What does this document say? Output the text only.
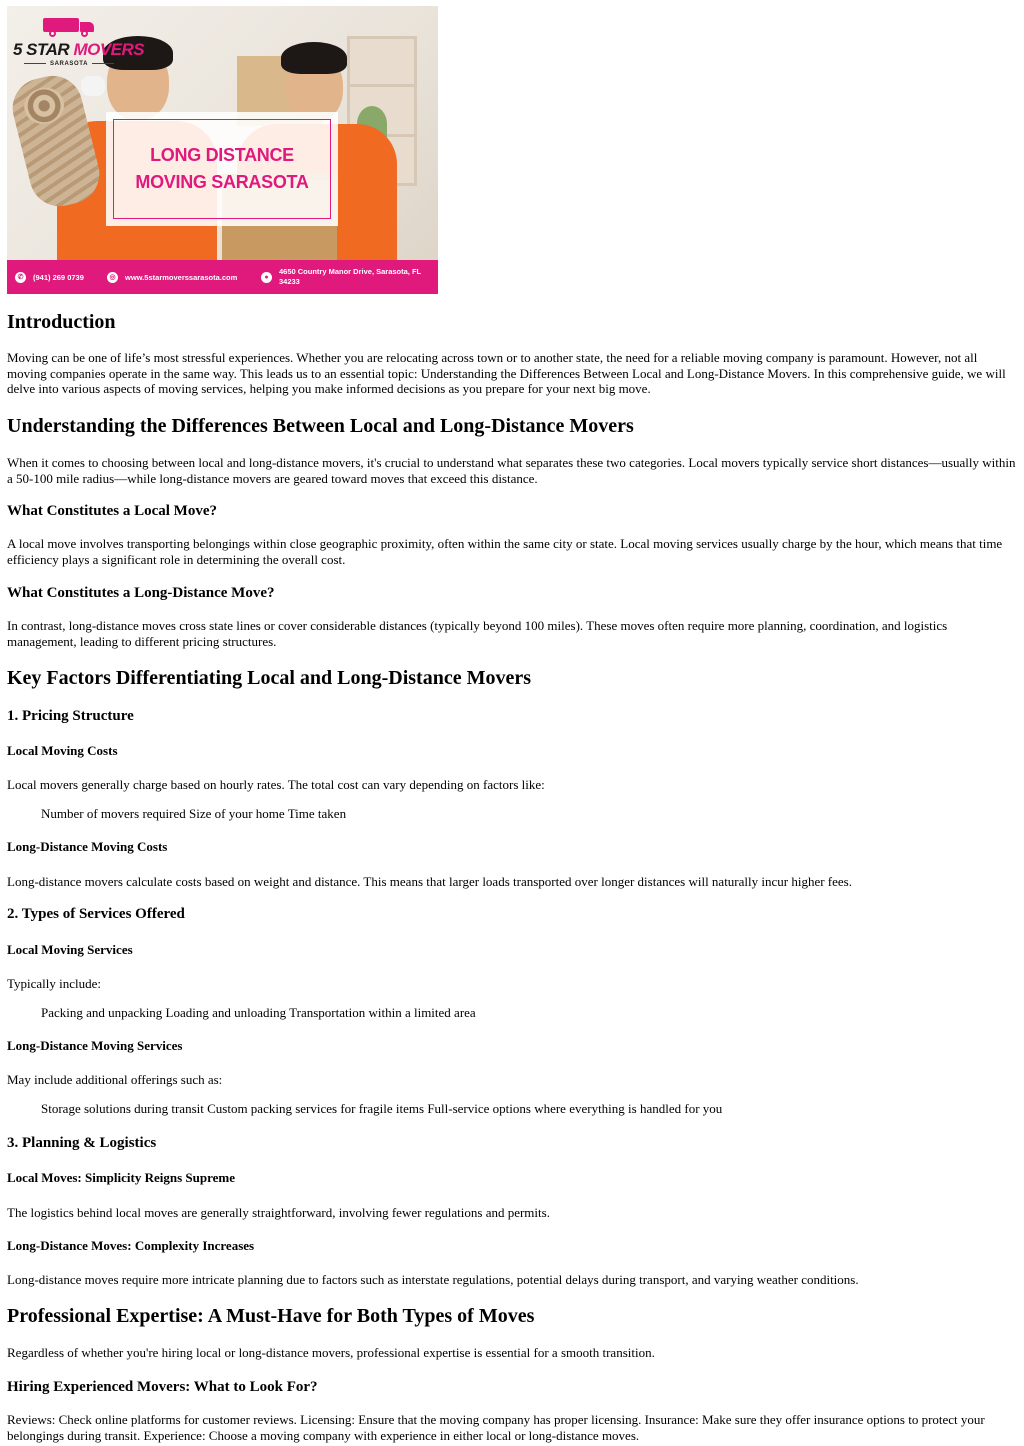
5 STAR MOVERS
SARASOTA
LONG DISTANCE
MOVING SARASOTA
✆	(941) 269 0739	◎	www.5starmoverssarasota.com	●
4650 Country Manor Drive, Sarasota, FL 34233
Introduction

Moving can be one of life’s most stressful experiences. Whether you are relocating across town or to another state, the need for a reliable moving company is paramount. However, not all moving companies operate in the same way. This leads us to an essential topic: Understanding the Differences Between Local and Long-Distance Movers. In this comprehensive guide, we will delve into various aspects of moving services, helping you make informed decisions as you prepare for your next big move.

Understanding the Differences Between Local and Long-Distance Movers

When it comes to choosing between local and long-distance movers, it's crucial to understand what separates these two categories. Local movers typically service short distances—usually within a 50-100 mile radius—while long-distance movers are geared toward moves that exceed this distance.

What Constitutes a Local Move?

A local move involves transporting belongings within close geographic proximity, often within the same city or state. Local moving services usually charge by the hour, which means that time efficiency plays a significant role in determining the overall cost.

What Constitutes a Long-Distance Move?

In contrast, long-distance moves cross state lines or cover considerable distances (typically beyond 100 miles). These moves often require more planning, coordination, and logistics management, leading to different pricing structures.

Key Factors Differentiating Local and Long-Distance Movers
1. Pricing Structure
Local Moving Costs

Local movers generally charge based on hourly rates. The total cost can vary depending on factors like:

Number of movers required Size of your home Time taken

Long-Distance Moving Costs

Long-distance movers calculate costs based on weight and distance. This means that larger loads transported over longer distances will naturally incur higher fees.

2. Types of Services Offered
Local Moving Services

Typically include:

Packing and unpacking Loading and unloading Transportation within a limited area

Long-Distance Moving Services

May include additional offerings such as:

Storage solutions during transit Custom packing services for fragile items Full-service options where everything is handled for you

3. Planning & Logistics
Local Moves: Simplicity Reigns Supreme

The logistics behind local moves are generally straightforward, involving fewer regulations and permits.

Long-Distance Moves: Complexity Increases

Long-distance moves require more intricate planning due to factors such as interstate regulations, potential delays during transport, and varying weather conditions.

Professional Expertise: A Must-Have for Both Types of Moves

Regardless of whether you're hiring local or long-distance movers, professional expertise is essential for a smooth transition.

Hiring Experienced Movers: What to Look For?

Reviews: Check online platforms for customer reviews. Licensing: Ensure that the moving company has proper licensing. Insurance: Make sure they offer insurance options to protect your belongings during transit. Experience: Choose a moving company with experience in either local or long-distance moves.
